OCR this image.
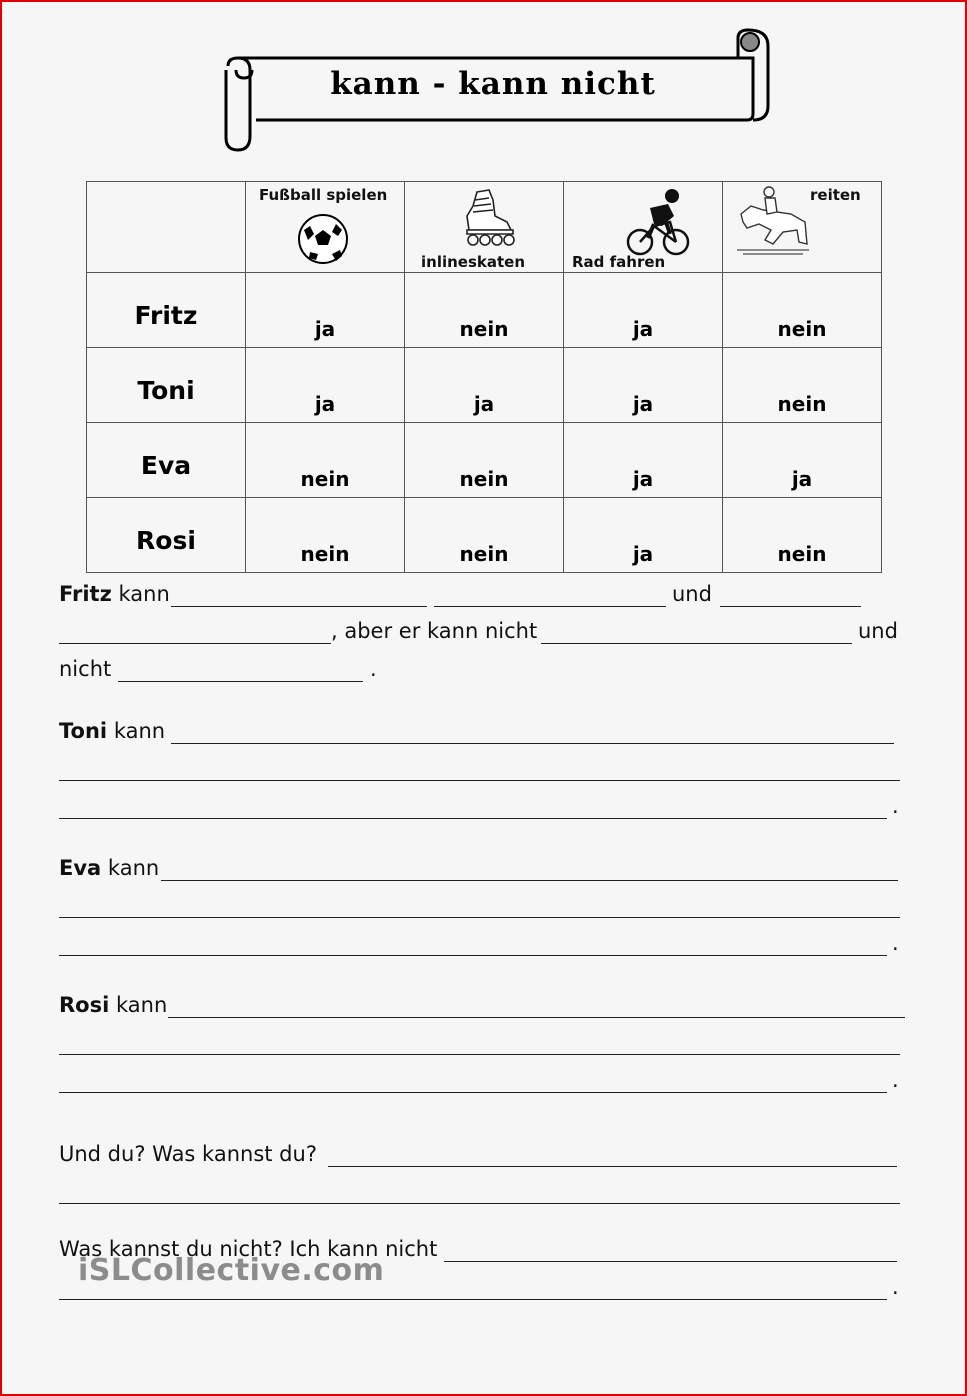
kann - kann nicht

	Fußball spielen	inlineskaten	Rad fahren	reiten

Fritz	ja	nein	ja	nein
Toni	ja	ja	ja	nein
Eva	nein	nein	ja	ja
Rosi	nein	nein	ja	nein
Fritz kann	und
, aber er kann nicht	und
nicht	.
Toni kann
.
Eva kann
.
Rosi kann
.
Und du? Was kannst du?
Was kannst du nicht? Ich kann nicht
.
iSLCollective.com
